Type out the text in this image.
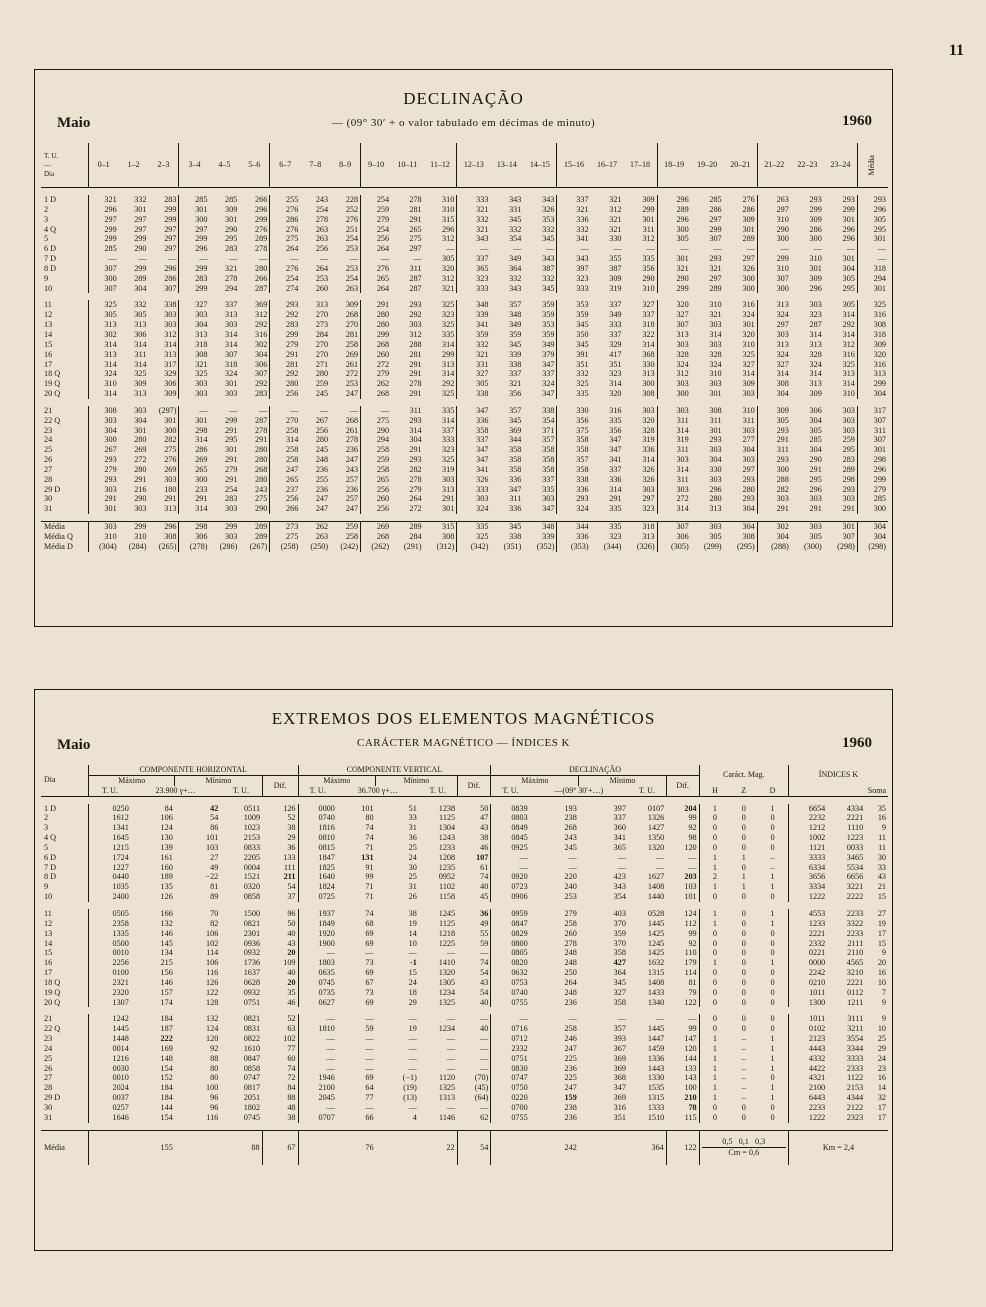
11
DECLINAÇÃO
Maio	— (09° 30′ + o valor tabulado em décimas de minuto)	1960
T. U.
—
Dia	0–1	1–2	2–3	3–4	4–5	5–6	6–7	7–8	8–9	9–10	10–11	11–12	12–13	13–14	14–15	15–16	16–17	17–18	18–19	19–20	20–21	21–22	22–23	23–24	Média

1 D	321	332	283	285	285	266	255	243	228	254	278	310	333	343	343	337	321	309	296	285	276	263	293	293	293
2	296	301	299	301	309	296	276	254	252	259	281	310	321	331	326	321	312	299	289	286	286	297	299	299	296
3	297	297	299	300	301	299	286	278	276	279	291	315	332	345	353	336	321	301	296	297	309	310	309	301	305
4 Q	299	297	297	297	290	276	276	263	251	254	265	296	321	332	332	332	321	311	300	299	301	290	286	296	295
5	299	299	297	299	295	289	275	263	254	256	275	312	343	354	345	341	330	312	305	307	289	300	300	296	301
6 D	285	290	297	296	283	278	264	256	253	264	297	—	—	—	—	—	—	—	—	—	—	—	—	—	—
7 D	—	—	—	—	—	—	—	—	—	—	—	305	337	349	343	343	355	335	301	293	297	299	310	301	—
8 D	307	299	296	299	321	280	276	264	253	276	311	320	365	364	387	397	387	356	321	321	326	310	301	304	318
9	300	289	286	283	278	266	254	253	254	265	287	312	323	332	332	323	309	290	290	297	300	307	309	305	294
10	307	304	307	299	294	287	274	260	263	264	287	321	333	343	345	333	319	310	299	289	300	300	296	295	301

11	325	332	338	327	337	369	293	313	309	291	293	325	348	357	359	353	337	327	320	310	316	313	303	305	325
12	305	305	303	303	313	312	292	270	268	280	292	323	339	348	359	359	349	337	327	321	324	324	323	314	316
13	313	313	303	304	303	292	283	273	270	280	303	325	341	349	353	345	333	318	307	303	301	297	287	292	308
14	302	306	312	313	314	316	299	284	281	299	312	335	359	359	359	350	337	322	313	314	320	303	314	314	318
15	314	314	314	318	314	302	279	270	258	268	288	314	332	345	349	345	329	314	303	303	310	313	313	312	309
16	313	311	313	308	307	304	291	270	269	260	281	299	321	339	379	391	417	368	328	328	325	324	328	316	320
17	314	314	317	321	318	306	281	271	261	272	291	313	331	338	347	351	351	330	324	324	327	327	324	325	316
18 Q	324	325	329	325	324	307	292	280	272	279	291	314	327	337	337	332	323	313	312	310	314	314	314	313	313
19 Q	310	309	306	303	301	292	280	259	253	262	278	292	305	321	324	325	314	300	303	303	309	308	313	314	299
20 Q	314	313	309	303	303	283	256	245	247	268	291	325	338	356	347	335	320	308	300	301	303	304	309	310	304

21	308	303	(297)	—	—	—	—	—	—	—	311	335	347	357	338	330	316	303	303	308	310	309	306	303	317
22 Q	303	304	301	301	299	287	270	267	268	275	293	314	336	345	354	356	335	320	311	311	311	305	304	303	307
23	304	301	300	298	291	278	258	256	261	290	314	337	358	369	371	375	356	328	314	301	303	293	305	303	311
24	300	280	282	314	295	291	314	280	278	294	304	333	337	344	357	358	347	319	319	293	277	291	285	259	307
25	267	269	275	286	301	280	258	245	236	258	291	323	347	358	358	358	347	336	311	303	304	311	304	295	301
26	293	272	276	269	291	280	258	248	247	259	293	325	347	358	358	357	341	314	303	304	303	293	290	283	298
27	279	280	269	265	279	268	247	236	243	258	282	319	341	358	358	358	337	326	314	330	297	300	291	289	296
28	293	291	303	300	291	280	265	255	257	265	278	303	326	336	337	338	336	326	311	303	293	288	295	298	299
29 D	303	216	180	233	254	243	237	236	236	256	279	313	333	347	335	336	314	303	303	296	280	282	296	293	279
30	291	290	291	291	283	275	256	247	257	260	264	291	303	311	303	293	291	297	272	280	293	303	303	303	285
31	301	303	313	314	303	290	266	247	247	256	272	301	324	336	347	324	335	323	314	313	304	291	291	291	300

Média	303	299	296	298	299	289	273	262	259	269	289	315	335	345	348	344	335	318	307	303	304	302	303	301	304
Média Q	310	310	308	306	303	289	275	263	258	268	284	308	325	338	339	336	323	313	306	305	308	304	305	307	304
Média D	(304)	(284)	(265)	(278)	(286)	(267)	(258)	(250)	(242)	(262)	(291)	(312)	(342)	(351)	(352)	(353)	(344)	(326)	(305)	(299)	(295)	(288)	(300)	(298)	(298)
EXTREMOS DOS ELEMENTOS MAGNÉTICOS
Maio	CARÁCTER MAGNÉTICO — ÍNDICES K	1960
Dia	COMPONENTE HORIZONTAL					COMPONENTE VERTICAL					DECLINAÇÃO					Caráct. Mag.			ÍNDICES K		
	Máximo		Mínimo		Dif.	Máximo		Mínimo		Dif.	Máximo		Mínimo		Dif.						
	T. U.	23.900 γ+…		T. U.		T. U.	36.700 γ+…		T. U.		T. U.	—(09° 30′+…)		T. U.		H	Z	D	Soma		

1 D	0250	84	42	0511	126	0000	101	51	1238	50	0839	193	397	0107	204	1	0	1	6654	4334	35
2	1612	106	54	1009	52	0740	80	33	1125	47	0803	238	337	1326	99	0	0	0	2232	2221	16
3	1341	124	86	1023	38	1816	74	31	1304	43	0849	268	360	1427	92	0	0	0	1212	1110	9
4 Q	1645	130	101	2153	29	0810	74	36	1243	38	0845	243	341	1350	98	0	0	0	1002	1223	11
5	1215	139	103	0833	36	0815	71	25	1233	46	0925	245	365	1320	120	0	0	0	1121	0033	11
6 D	1724	161	27	2205	133	1847	131	24	1208	107	—	—	—	—	—	1	1	–	3333	3465	30
7 D	1227	160	49	0004	111	1825	91	30	1235	61	—	—	—	—	—	1	0	–	6334	5534	33
8 D	0440	189	−22	1521	211	1640	99	25	0952	74	0920	220	423	1627	203	2	1	1	3656	6656	43
9	1035	135	81	0320	54	1824	71	31	1102	40	0723	240	343	1408	103	1	1	1	3334	3221	21
10	2400	126	89	0858	37	0725	71	26	1158	45	0906	253	354	1440	101	0	0	0	1222	2222	15

11	0505	166	70	1500	96	1937	74	38	1245	36	0959	279	403	0528	124	1	0	1	4553	2233	27
12	2358	132	82	0821	50	1849	68	19	1125	49	0847	258	370	1445	112	1	0	1	1233	3322	19
13	1335	146	106	2301	40	1920	69	14	1218	55	0829	260	359	1425	99	0	0	0	2221	2233	17
14	0500	145	102	0936	43	1900	69	10	1225	59	0800	278	370	1245	92	0	0	0	2332	2111	15
15	0010	134	114	0932	20	—	—	—	—	—	0805	248	358	1425	110	0	0	0	0221	2110	9
16	2256	215	106	1736	109	1803	73	-1	1410	74	0820	248	427	1632	179	1	0	1	0000	4565	20
17	0100	156	116	1637	40	0635	69	15	1320	54	0632	250	364	1315	114	0	0	0	2242	3210	16
18 Q	2321	146	126	0628	20	0745	67	24	1305	43	0753	264	345	1408	81	0	0	0	0210	2221	10
19 Q	2320	157	122	0932	35	0735	73	18	1234	54	0740	248	327	1433	79	0	0	0	1011	0112	7
20 Q	1307	174	128	0751	46	0627	69	29	1325	40	0755	236	358	1340	122	0	0	0	1300	1211	9

21	1242	184	132	0821	52	—	—	—	—	—	—	—	—	—	—	0	0	0	1011	3111	9
22 Q	1445	187	124	0831	63	1810	59	19	1234	40	0716	258	357	1445	99	0	0	0	0102	3211	10
23	1448	222	120	0822	102	—	—	—	—	—	0712	246	393	1447	147	1	–	1	2123	3554	25
24	0014	169	92	1610	77	—	—	—	—	—	2332	247	367	1459	120	1	–	1	4443	3344	29
25	1216	148	88	0847	60	—	—	—	—	—	0751	225	369	1336	144	1	–	1	4332	3333	24
26	0030	154	80	0858	74	—	—	—	—	—	0830	236	369	1443	133	1	–	1	4422	2333	23
27	0010	152	80	0747	72	1946	69	(−1)	1120	(70)	0747	225	368	1330	143	1	–	0	4321	1122	16
28	2024	184	100	0817	84	2100	64	(19)	1325	(45)	0750	247	347	1535	100	1	–	1	2100	2153	14
29 D	0037	184	96	2051	88	2045	77	(13)	1313	(64)	0220	159	369	1315	210	1	–	1	6443	4344	32
30	0257	144	96	1802	48	—	—	—	—	—	0700	238	316	1333	78	0	0	0	2233	2122	17
31	1646	154	116	0745	38	0707	66	4	1146	62	0755	236	351	1510	115	0	0	0	1222	2323	17

Média		155	88		67		76	22		54		242	364		122	0,5   0,1   0,3
Cm = 0,6			Km = 2,4		
